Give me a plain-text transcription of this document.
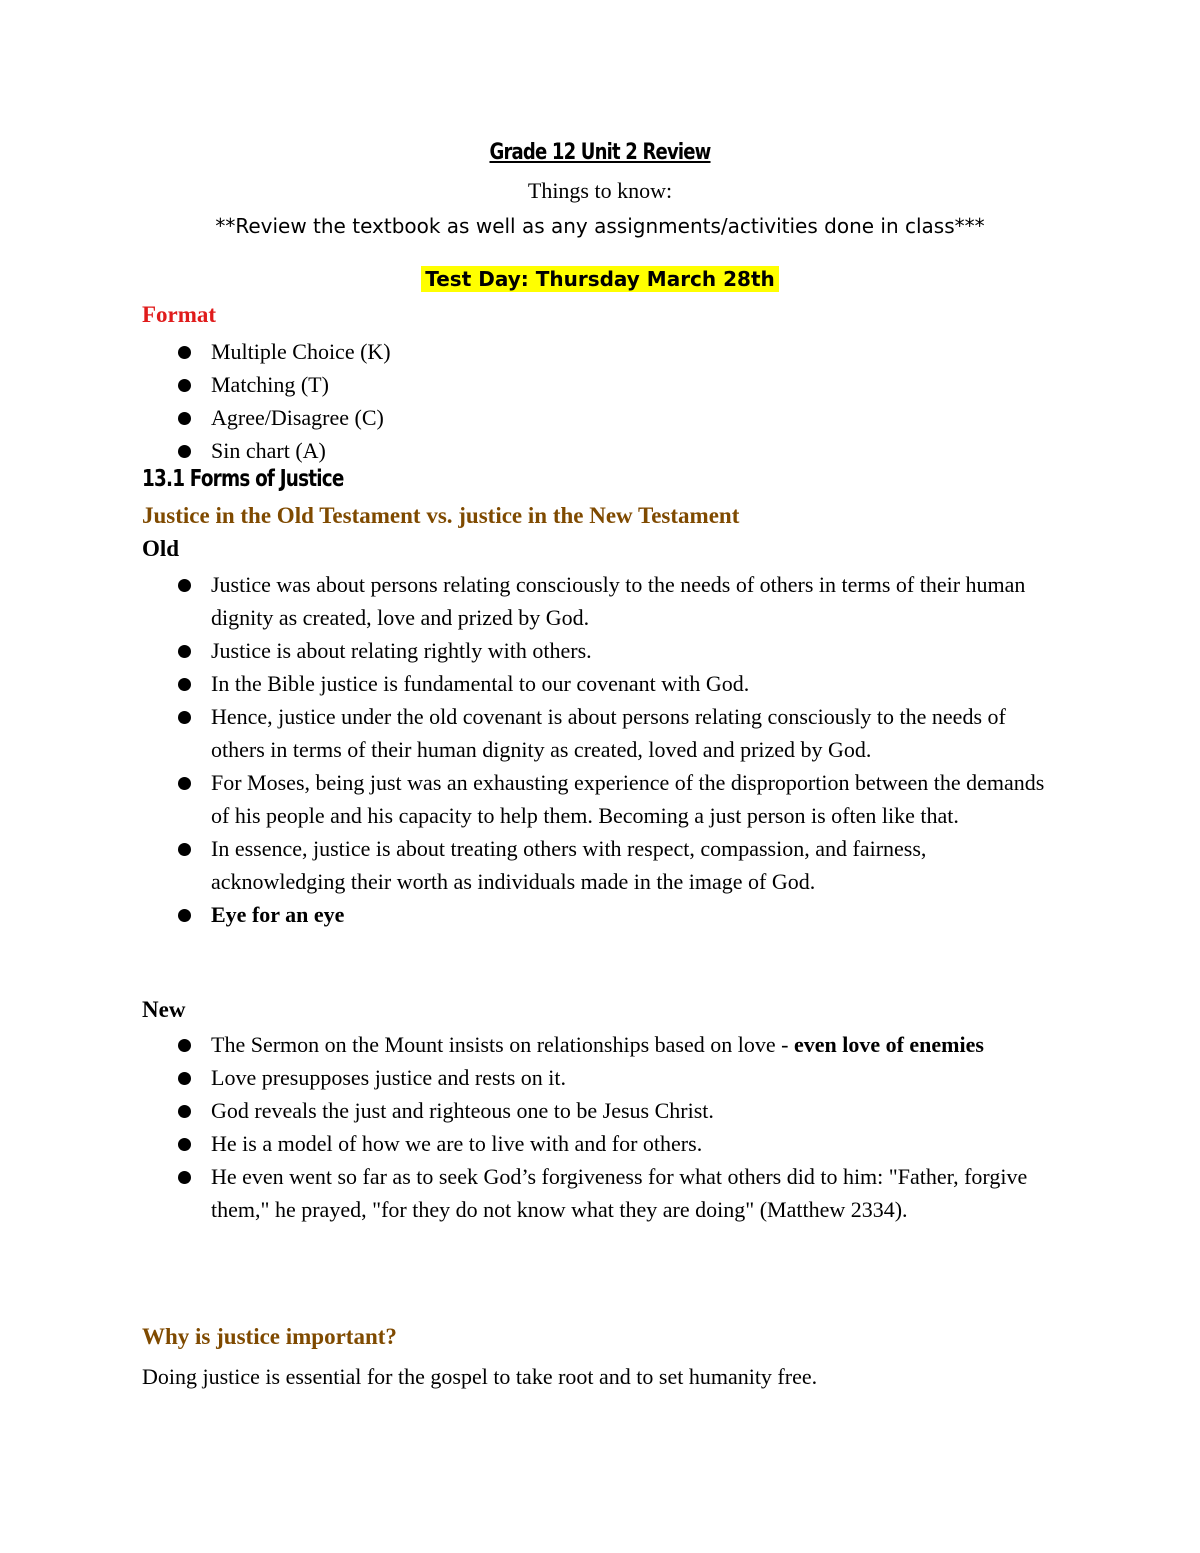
Grade 12 Unit 2 Review
Things to know:
**Review the textbook as well as any assignments/activities done in class***
Test Day: Thursday March 28th
Format
Multiple Choice (K)
Matching (T)
Agree/Disagree (C)
Sin chart (A)
13.1 Forms of Justice
Justice in the Old Testament vs. justice in the New Testament
Old
Justice was about persons relating consciously to the needs of others in terms of their human dignity as created, love and prized by God.
Justice is about relating rightly with others.
In the Bible justice is fundamental to our covenant with God.
Hence, justice under the old covenant is about persons relating consciously to the needs of others in terms of their human dignity as created, loved and prized by God.
For Moses, being just was an exhausting experience of the disproportion between the demands of his people and his capacity to help them. Becoming a just person is often like that.
In essence, justice is about treating others with respect, compassion, and fairness, acknowledging their worth as individuals made in the image of God.
Eye for an eye
New
The Sermon on the Mount insists on relationships based on love - even love of enemies
Love presupposes justice and rests on it.
God reveals the just and righteous one to be Jesus Christ.
He is a model of how we are to live with and for others.
He even went so far as to seek God’s forgiveness for what others did to him: "Father, forgive them," he prayed, "for they do not know what they are doing" (Matthew 2334).
Why is justice important?
Doing justice is essential for the gospel to take root and to set humanity free.
